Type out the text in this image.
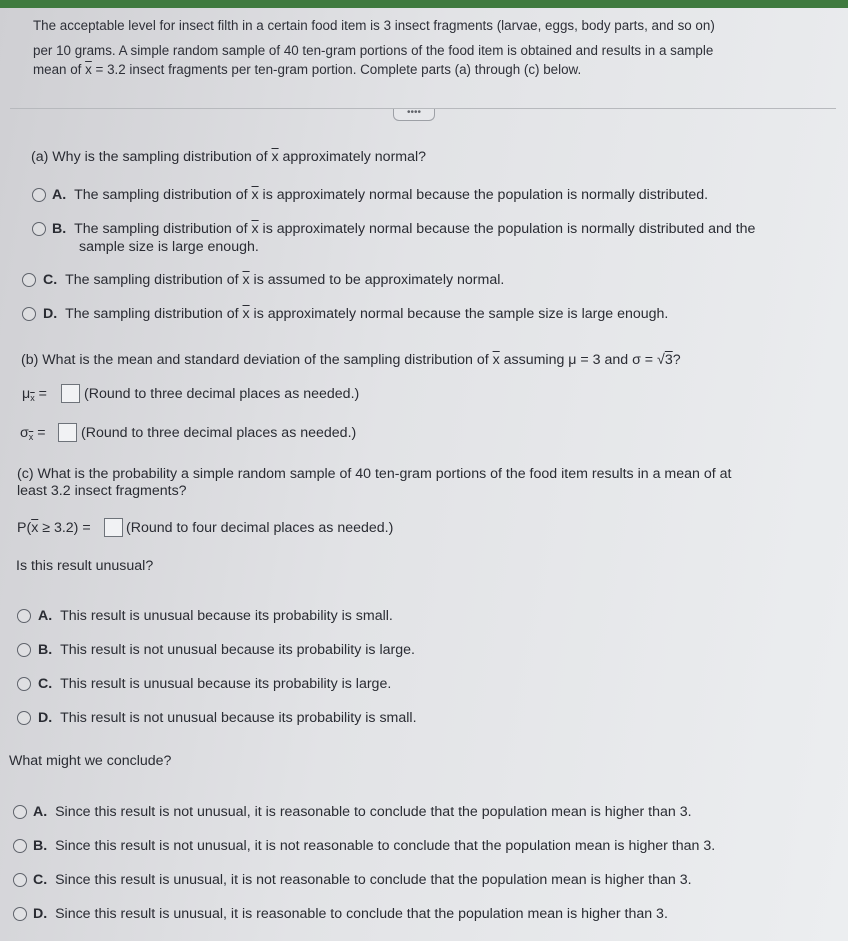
The acceptable level for insect filth in a certain food item is 3 insect fragments (larvae, eggs, body parts, and so on)
per 10 grams. A simple random sample of 40 ten-gram portions of the food item is obtained and results in a sample
mean of $\overline{x} = 3.2$ insect fragments per ten-gram portion. Complete parts (a) through (c) below.
••••
(a) Why is the sampling distribution of $\overline{x}$ approximately normal?
A. The sampling distribution of $\overline{x}$ is approximately normal because the population is normally distributed.
B. The sampling distribution of $\overline{x}$ is approximately normal because the population is normally distributed and the
sample size is large enough.
C. The sampling distribution of $\overline{x}$ is assumed to be approximately normal.
D. The sampling distribution of $\overline{x}$ is approximately normal because the sample size is large enough.
(b) What is the mean and standard deviation of the sampling distribution of $\overline{x}$ assuming μ = 3 and σ = √3?
$\mu_{\overline{x}}$ =	(Round to three decimal places as needed.)
$\sigma_{\overline{x}}$ = (Round to three decimal places as needed.)
(c) What is the probability a simple random sample of 40 ten-gram portions of the food item results in a mean of at
least 3.2 insect fragments?
$P(\overline{x} \ge 3.2)$ = (Round to four decimal places as needed.)
Is this result unusual?
A. This result is unusual because its probability is small.
B. This result is not unusual because its probability is large.
C. This result is unusual because its probability is large.
D. This result is not unusual because its probability is small.
What might we conclude?
A. Since this result is not unusual, it is reasonable to conclude that the population mean is higher than 3.
B. Since this result is not unusual, it is not reasonable to conclude that the population mean is higher than 3.
C. Since this result is unusual, it is not reasonable to conclude that the population mean is higher than 3.
D. Since this result is unusual, it is reasonable to conclude that the population mean is higher than 3.
